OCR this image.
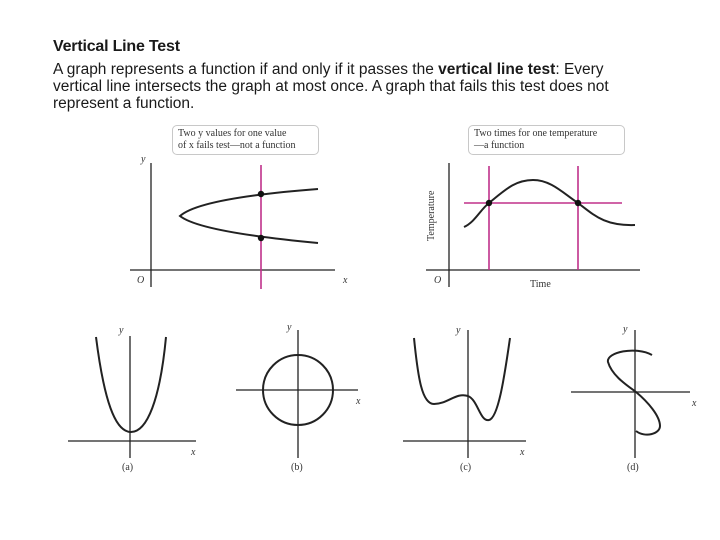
Vertical Line Test

A graph represents a function if and only if it passes the vertical line test: Every vertical line intersects the graph at most once. A graph that fails this test does not represent a function.

Two y values for one value
of x fails test—not a function
Two times for one temperature
—a function
y
x
O
Temperature
Time
O
y
x
(a)
y
x
(b)
y
x
(c)
y
x
(d)
